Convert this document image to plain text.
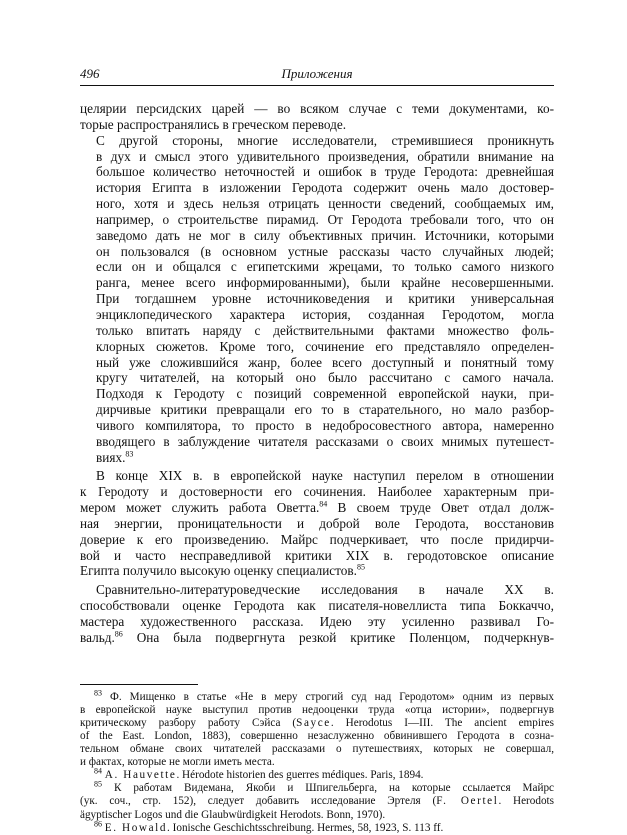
496	Приложения

целярии персидских царей — во всяком случае с теми документами, ко-
торые распространялись в греческом переводе.

С другой стороны, многие исследователи, стремившиеся проникнуть
в дух и смысл этого удивительного произведения, обратили внимание на
большое количество неточностей и ошибок в труде Геродота: древнейшая
история Египта в изложении Геродота содержит очень мало достовер-
ного, хотя и здесь нельзя отрицать ценности сведений, сообщаемых им,
например, о строительстве пирамид. От Геродота требовали того, что он
заведомо дать не мог в силу объективных причин. Источники, которыми
он пользовался (в основном устные рассказы часто случайных людей;
если он и общался с египетскими жрецами, то только самого низкого
ранга, менее всего информированными), были крайне несовершенными.
При тогдашнем уровне источниковедения и критики универсальная
энциклопедического характера история, созданная Геродотом, могла
только впитать наряду с действительными фактами множество фоль-
клорных сюжетов. Кроме того, сочинение его представляло определен-
ный уже сложившийся жанр, более всего доступный и понятный тому
кругу читателей, на который оно было рассчитано с самого начала.
Подходя к Геродоту с позиций современной европейской науки, при-
дирчивые критики превращали его то в старательного, но мало разбор-
чивого компилятора, то просто в недобросовестного автора, намеренно
вводящего в заблуждение читателя рассказами о своих мнимых путешест-
виях.$^{83}$

В конце XIX в. в европейской науке наступил перелом в отношении
к Геродоту и достоверности его сочинения. Наиболее характерным при-
мером может служить работа Оветта.$^{84}$ В своем труде Овет отдал долж-
ная энергии, проницательности и доброй воле Геродота, восстановив
доверие к его произведению. Майрс подчеркивает, что после придирчи-
вой и часто несправедливой критики XIX в. геродотовское описание
Египта получило высокую оценку специалистов.$^{85}$

Сравнительно-литературоведческие исследования в начале XX в.
способствовали оценке Геродота как писателя-новеллиста типа Боккаччо,
мастера художественного рассказа. Идею эту усиленно развивал Го-
вальд.$^{86}$ Она была подвергнута резкой критике Поленцом, подчеркнув-

$^{83}$ Ф. Мищенко в статье «Не в меру строгий суд над Геродотом» одним из первых
в европейской науке выступил против недооценки труда «отца истории», подвергнув
критическому разбору работу Сэйса (Sayce. Herodotus I—III. The ancient empires
of the East. London, 1883), совершенно незаслуженно обвинившего Геродота в созна-
тельном обмане своих читателей рассказами о путешествиях, которых не совершал,
и фактах, которые не могли иметь места.
$^{84}$ A. Hauvette. Hérodote historien des guerres médiques. Paris, 1894.
$^{85}$ К работам Видемана, Якоби и Шпигельберга, на которые ссылается Майрс
(ук. соч., стр. 152), следует добавить исследование Эртеля (F. Oertel. Herodots
ägyptischer Logos und die Glaubwürdigkeit Herodots. Bonn, 1970).
$^{86}$ E. Howald. Ionische Geschichtsschreibung. Hermes, 58, 1923, S. 113 ff.
